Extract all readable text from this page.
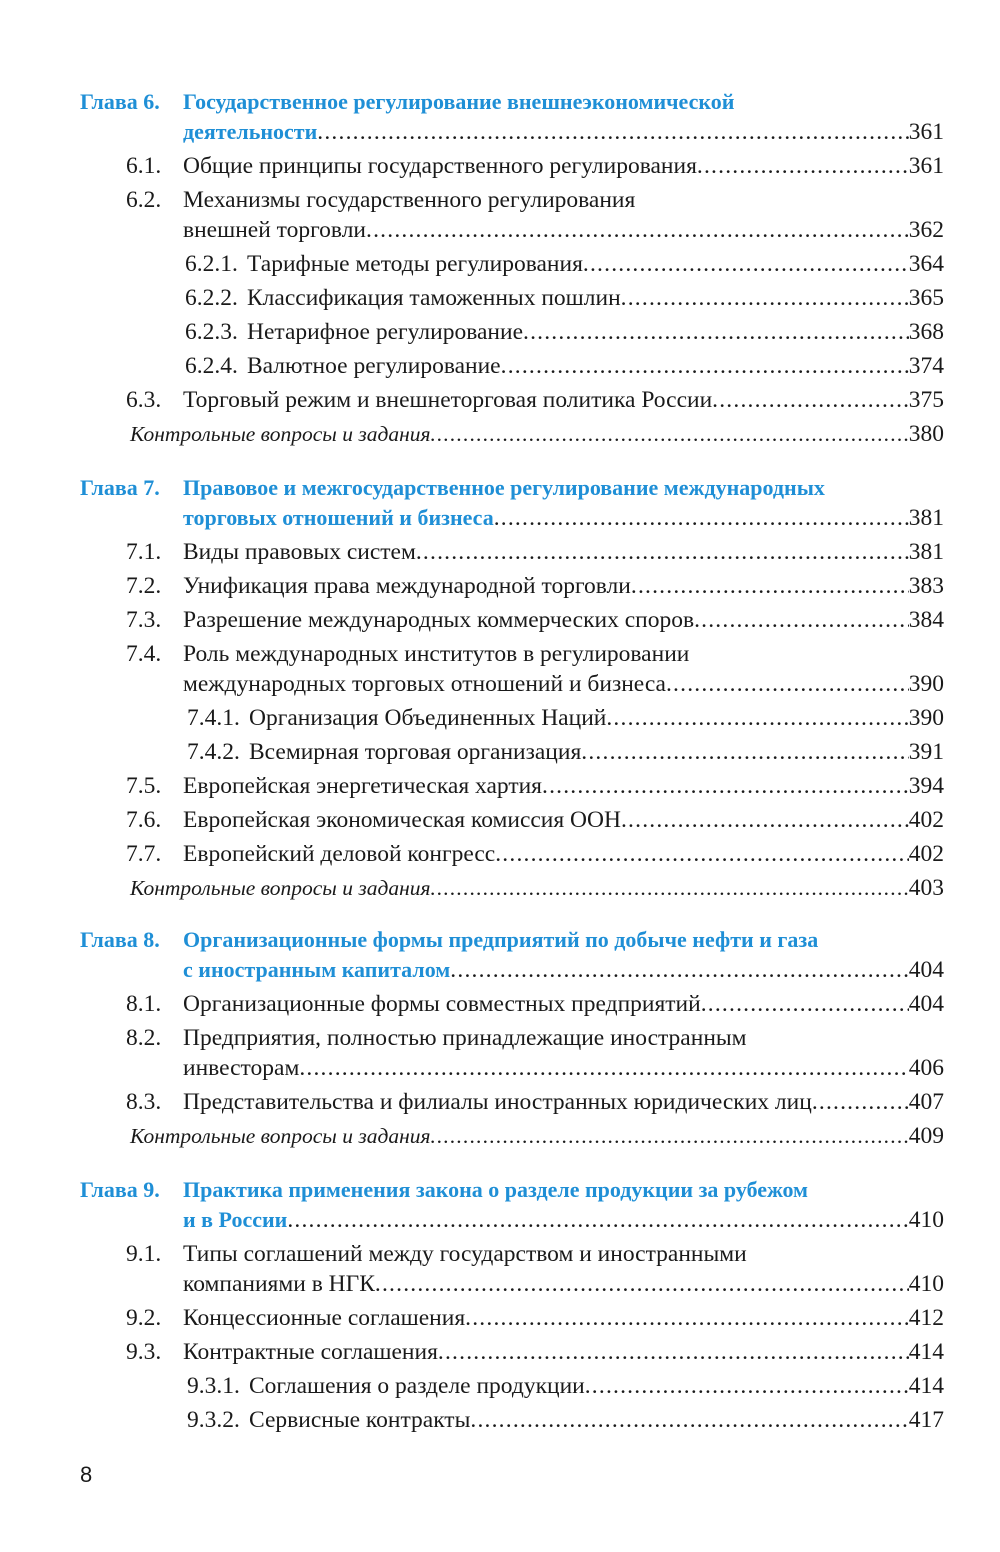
Глава 6.	Государственное регулирование внешнеэкономической
деятельности .....	361
6.1. Общие принципы государственного регулирования .....	361
6.2. Механизмы государственного регулирования
внешней торговли .....	362
6.2.1. Тарифные методы регулирования .....	364
6.2.2. Классификация таможенных пошлин .....	365
6.2.3. Нетарифное регулирование .....	368
6.2.4. Валютное регулирование .....	374
6.3. Торговый режим и внешнеторговая политика России .....	375
Контрольные вопросы и задания .....	380
Глава 7.	Правовое и межгосударственное регулирование международных
торговых отношений и бизнеса .....	381
7.1. Виды правовых систем .....	381
7.2. Унификация права международной торговли .....	383
7.3. Разрешение международных коммерческих споров .....	384
7.4. Роль международных институтов в регулировании
международных торговых отношений и бизнеса .....	390
7.4.1. Организация Объединенных Наций .....	390
7.4.2. Всемирная торговая организация .....	391
7.5. Европейская энергетическая хартия .....	394
7.6. Европейская экономическая комиссия ООН .....	402
7.7. Европейский деловой конгресс .....	402
Контрольные вопросы и задания .....	403
Глава 8.	Организационные формы предприятий по добыче нефти и газа
с иностранным капиталом .....	404
8.1. Организационные формы совместных предприятий .....	404
8.2. Предприятия, полностью принадлежащие иностранным
инвесторам .....	406
8.3. Представительства и филиалы иностранных юридических лиц .....	407
Контрольные вопросы и задания .....	409
Глава 9.	Практика применения закона о разделе продукции за рубежом
и в России .....	410
9.1. Типы соглашений между государством и иностранными
компаниями в НГК .....	410
9.2. Концессионные соглашения .....	412
9.3. Контрактные соглашения .....	414
9.3.1. Соглашения о разделе продукции .....	414
9.3.2. Сервисные контракты .....	417
8
